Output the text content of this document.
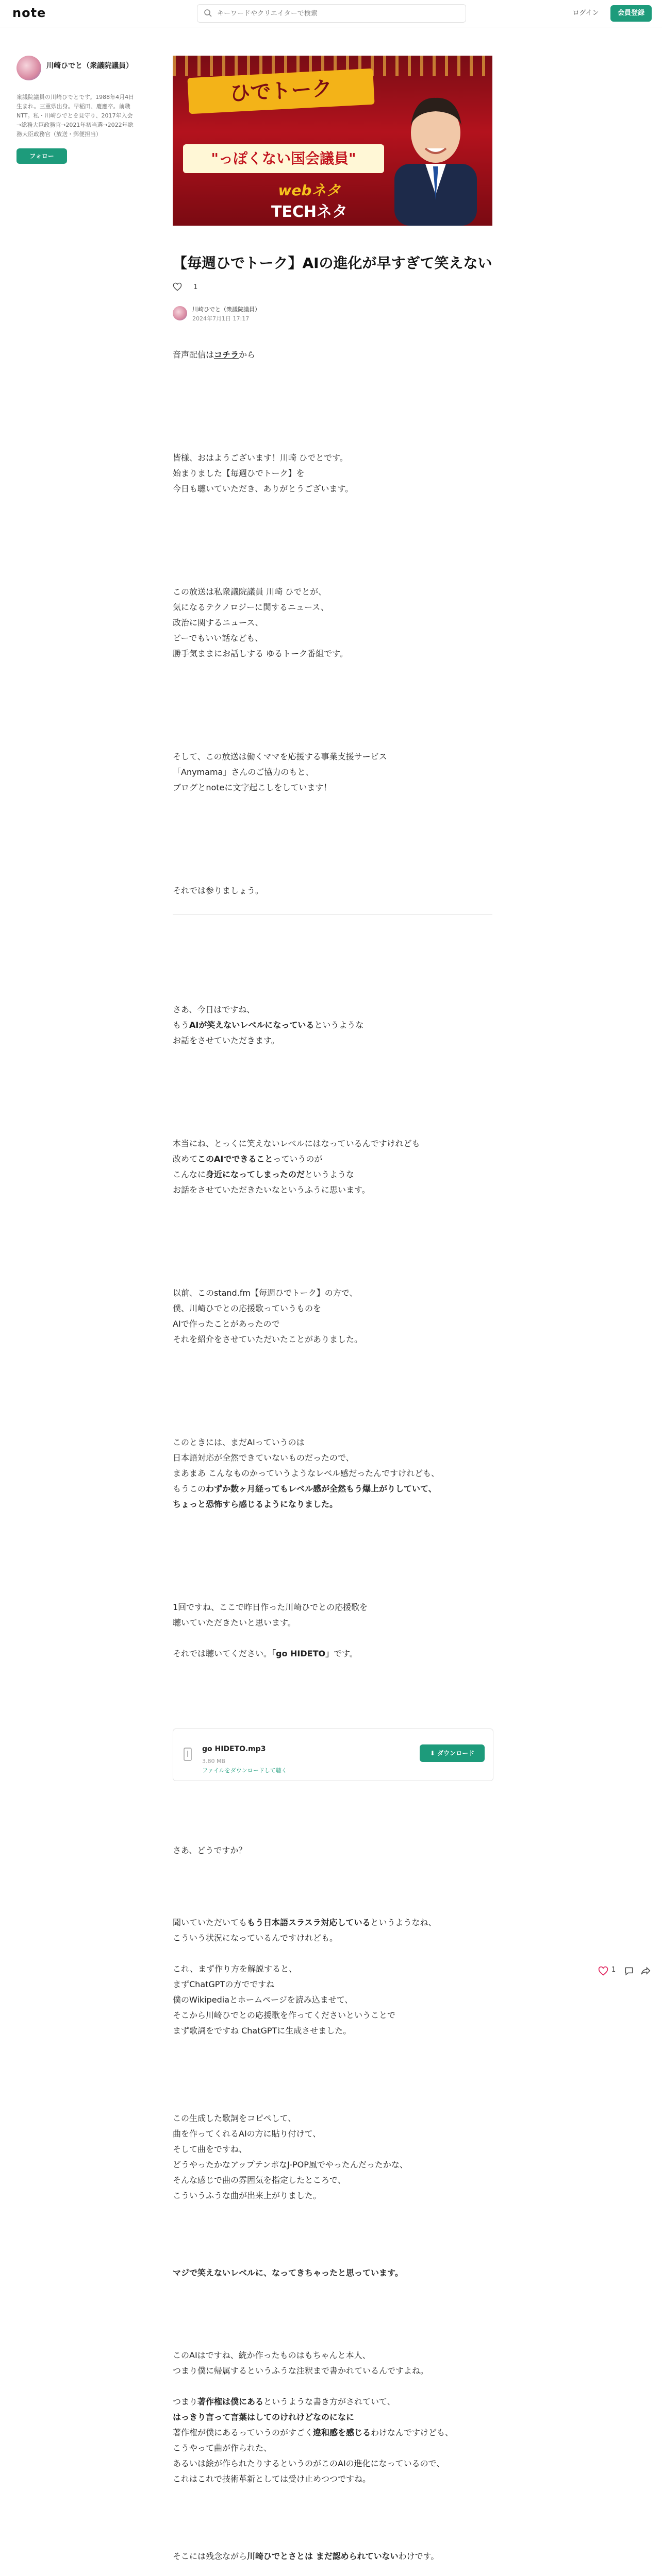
note
キーワードやクリエイターで検索	ログイン	会員登録
川崎ひでと（衆議院議員）
衆議院議員の川崎ひでとです。1988年4月4日生まれ。三重県出身。早稲田、慶應卒。前職NTT。私・川崎ひでとを見守り、2017年入会→総務大臣政務官→2021年初当選→2022年総務大臣政務官（放送・郵便担当）
フォロー
ひでトーク
"っぽくない国会議員"
webネタ
TECHネタ
【毎週ひでトーク】AIの進化が早すぎて笑えない
1
川崎ひでと（衆議院議員）
2024年7月1日 17:17

音声配信はコチラから

皆様、おはようございます！川崎 ひでとです。

始まりました【毎週ひでトーク】を

今日も聴いていただき、ありがとうございます。

この放送は私衆議院議員 川崎 ひでとが、

気になるテクノロジーに関するニュース、

政治に関するニュース、

ビーでもいい話なども、

勝手気ままにお話しする ゆるトーク番組です。

そして、この放送は働くママを応援する事業支援サービス

「Anymama」さんのご協力のもと、

ブログとnoteに文字起こしをしています！

それでは参りましょう。

さあ、今日はですね、

もうAIが笑えないレベルになっているというような

お話をさせていただきます。

本当にね、とっくに笑えないレベルにはなっているんですけれども

改めてこのAIでできることっていうのが

こんなに身近になってしまったのだというような

お話をさせていただきたいなというふうに思います。

以前、このstand.fm【毎週ひでトーク】の方で、

僕、川崎ひでとの応援歌っていうものを

AIで作ったことがあったので

それを紹介をさせていただいたことがありました。

このときには、まだAIっていうのは

日本語対応が全然できていないものだったので、

まあまあ こんなものかっていうようなレベル感だったんですけれども、

もうこのわずか数ヶ月経ってもレベル感が全然もう爆上がりしていて、

ちょっと恐怖すら感じるようになりました。

1回ですね、ここで昨日作った川崎ひでとの応援歌を

聴いていただきたいと思います。

それでは聴いてください。「go HIDETO」です。

go HIDETO.mp3
3.80 MB
ファイルをダウンロードして聴く
⬇ ダウンロード

さあ、どうですか？

聞いていただいてももう日本語スラスラ対応しているというようなね、

こういう状況になっているんですけれども。

これ、まず作り方を解説すると、

まずChatGPTの方でですね

僕のWikipediaとホームページを読み込ませて、

そこから川崎ひでとの応援歌を作ってくださいということで

まず歌詞をですね ChatGPTに生成させました。

この生成した歌詞をコピペして、

曲を作ってくれるAIの方に貼り付けて、

そして曲をですね、

どうやったかなアップテンポなJ-POP風でやったんだったかな、

そんな感じで曲の雰囲気を指定したところで、

こういうふうな曲が出来上がりました。

マジで笑えないレベルに、なってきちゃったと思っています。

このAIはですね、統か作ったものはもちゃんと本人、

つまり僕に帰属するというふうな注釈まで書かれているんですよね。

つまり著作権は僕にあるというような書き方がされていて、

はっきり言って言葉はしてのけれけどなのになに

著作権が僕にあるっていうのがすごく違和感を感じるわけなんですけども、

こうやって曲が作られた、

あるいは絵が作られたりするというのがこのAIの進化になっているので、

これはこれで技術革新としては受け止めつつですね。

そこには残念ながら川崎ひでとさとは まだ認められていないわけです。

1
